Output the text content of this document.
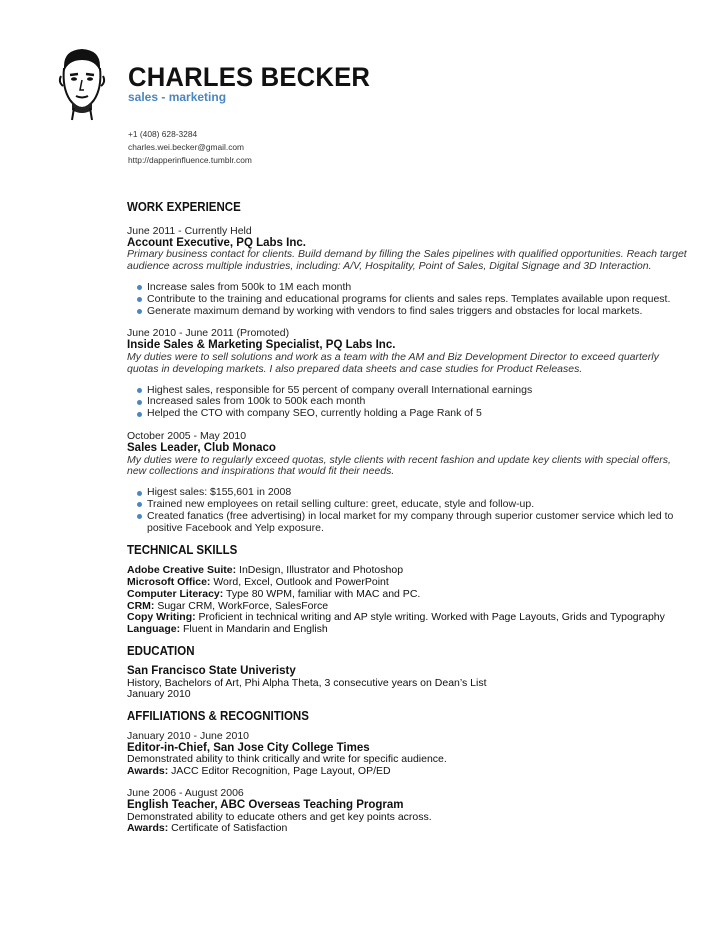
CHARLES BECKER
sales - marketing
+1 (408) 628-3284
charles.wei.becker@gmail.com
http://dapperinfluence.tumblr.com
WORK EXPERIENCE
June 2011 - Currently Held
Account Executive, PQ Labs Inc.
Primary business contact for clients. Build demand by filling the Sales pipelines with qualified opportunities. Reach target audience across multiple industries, including: A/V, Hospitality, Point of Sales, Digital Signage and 3D Interaction.
Increase sales from 500k to 1M each month
Contribute to the training and educational programs for clients and sales reps. Templates available upon request.
Generate maximum demand by working with vendors to find sales triggers and obstacles for local markets.
June 2010 - June 2011 (Promoted)
Inside Sales & Marketing Specialist, PQ Labs Inc.
My duties were to sell solutions and work as a team with the AM and Biz Development Director to exceed quarterly quotas in developing markets. I also prepared data sheets and case studies for Product Releases.
Highest sales, responsible for 55 percent of company overall International earnings
Increased sales from 100k to 500k each month
Helped the CTO with company SEO, currently holding a Page Rank of 5
October 2005 - May 2010
Sales Leader, Club Monaco
My duties were to regularly exceed quotas, style clients with recent fashion and update key clients with special offers, new collections and inspirations that would fit their needs.
Higest sales: $155,601 in 2008
Trained new employees on retail selling culture: greet, educate, style and follow-up.
Created fanatics (free advertising) in local market for my company through superior customer service which led to positive Facebook and Yelp exposure.
TECHNICAL SKILLS
Adobe Creative Suite: InDesign, Illustrator and Photoshop
Microsoft Office: Word, Excel, Outlook and PowerPoint
Computer Literacy: Type 80 WPM, familiar with MAC and PC.
CRM: Sugar CRM, WorkForce, SalesForce
Copy Writing: Proficient in technical writing and AP style writing. Worked with Page Layouts, Grids and Typography
Language: Fluent in Mandarin and English
EDUCATION
San Francisco State Univeristy
History, Bachelors of Art, Phi Alpha Theta, 3 consecutive years on Dean’s List
January 2010
AFFILIATIONS & RECOGNITIONS
January 2010 - June 2010
Editor-in-Chief, San Jose City College Times
Demonstrated ability to think critically and write for specific audience.
Awards: JACC Editor Recognition, Page Layout, OP/ED
June 2006 - August 2006
English Teacher, ABC Overseas Teaching Program
Demonstrated ability to educate others and get key points across.
Awards: Certificate of Satisfaction
